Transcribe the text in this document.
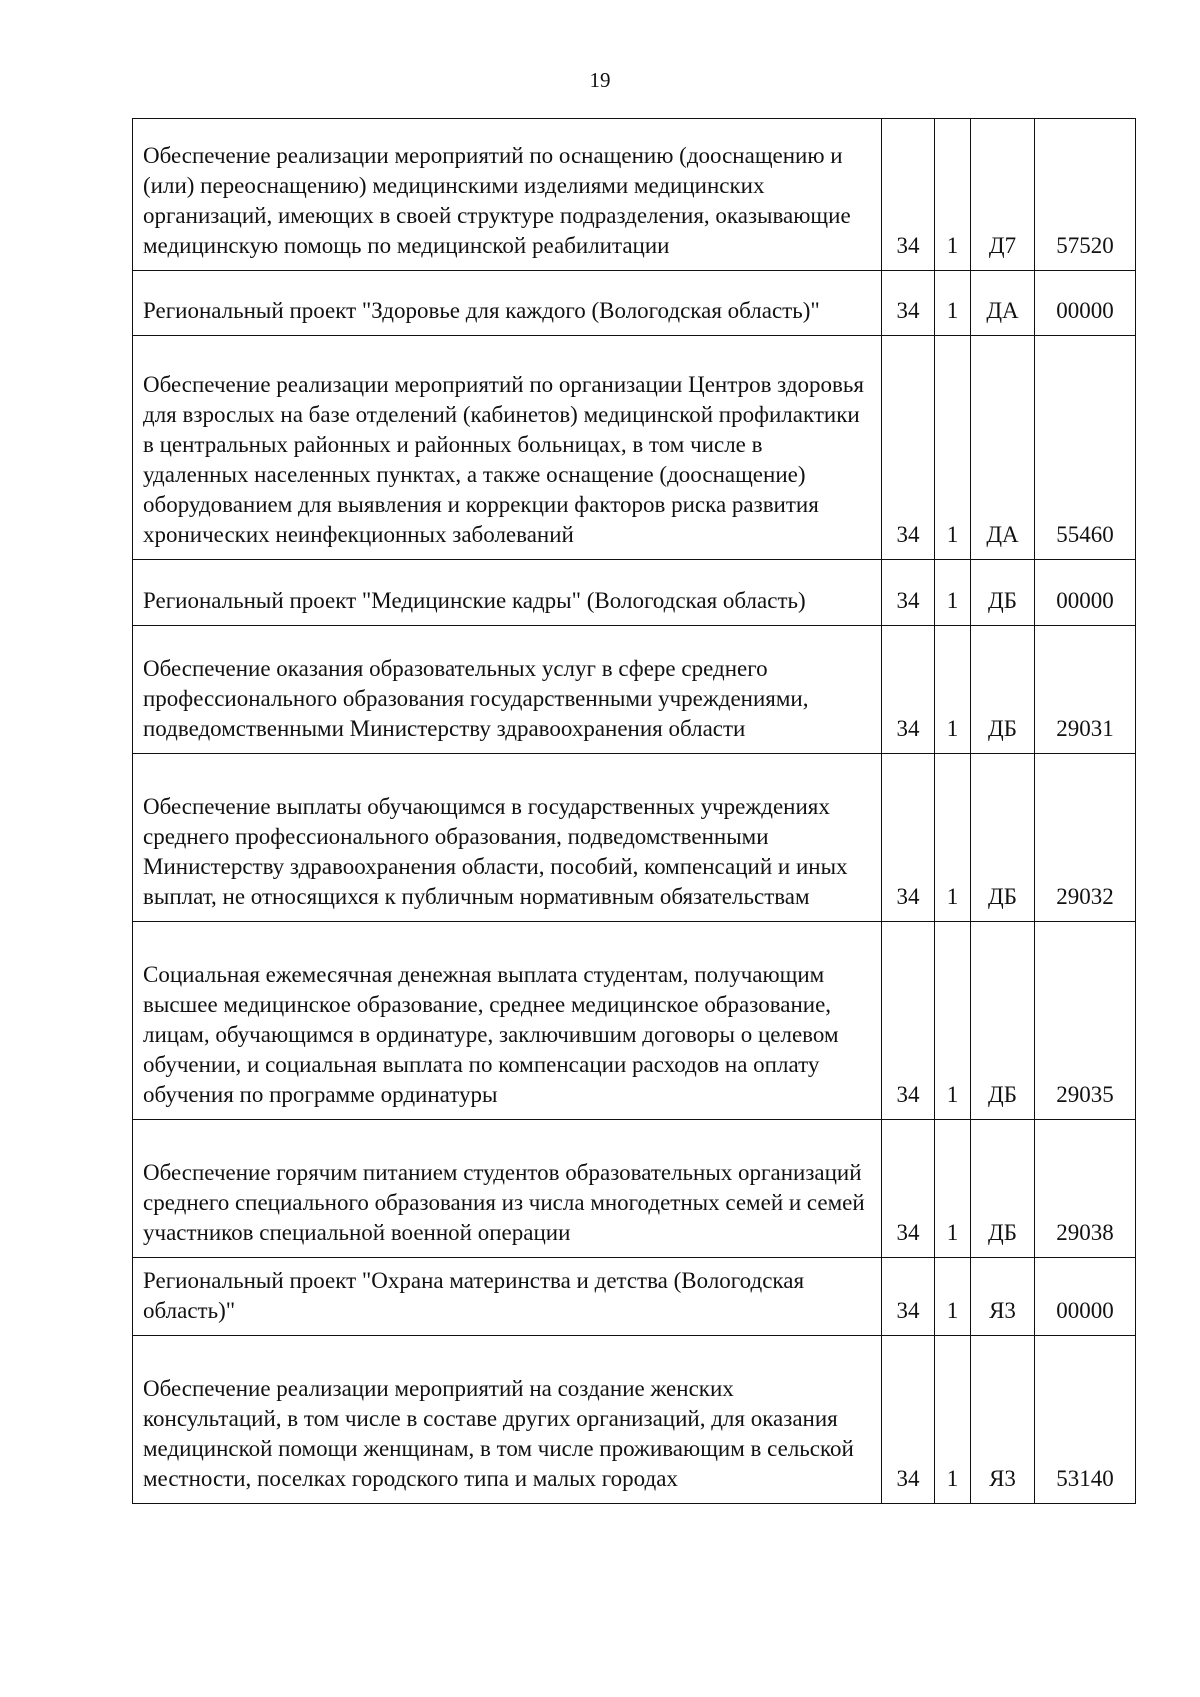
19
Обеспечение реализации мероприятий по оснащению (дооснащению и (или) переоснащению) медицинскими изделиями медицинских организаций, имеющих в своей структуре подразделения, оказывающие медицинскую помощь по медицинской реабилитации	34	1	Д7	57520
Региональный проект "Здоровье для каждого (Вологодская область)"	34	1	ДА	00000
Обеспечение реализации мероприятий по организации Центров здоровья для взрослых на базе отделений (кабинетов) медицинской профилактики в центральных районных и районных больницах, в том числе в удаленных населенных пунктах, а также оснащение (дооснащение) оборудованием для выявления и коррекции факторов риска развития хронических неинфекционных заболеваний	34	1	ДА	55460
Региональный проект "Медицинские кадры" (Вологодская область)	34	1	ДБ	00000
Обеспечение оказания образовательных услуг в сфере среднего профессионального образования государственными учреждениями, подведомственными Министерству здравоохранения области	34	1	ДБ	29031
Обеспечение выплаты обучающимся в государственных учреждениях среднего профессионального образования, подведомственными Министерству здравоохранения области, пособий, компенсаций и иных выплат, не относящихся к публичным нормативным обязательствам	34	1	ДБ	29032
Социальная ежемесячная денежная выплата студентам, получающим высшее медицинское образование, среднее медицинское образование, лицам, обучающимся в ординатуре, заключившим договоры о целевом обучении, и социальная выплата по компенсации расходов на оплату обучения по программе ординатуры	34	1	ДБ	29035
Обеспечение горячим питанием студентов образовательных организаций среднего специального образования из числа многодетных семей и семей участников специальной военной операции	34	1	ДБ	29038
Региональный проект "Охрана материнства и детства (Вологодская область)"	34	1	Я3	00000
Обеспечение реализации мероприятий на создание женских консультаций, в том числе в составе других организаций, для оказания медицинской помощи женщинам, в том числе проживающим в сельской местности, поселках городского типа и малых городах	34	1	Я3	53140
